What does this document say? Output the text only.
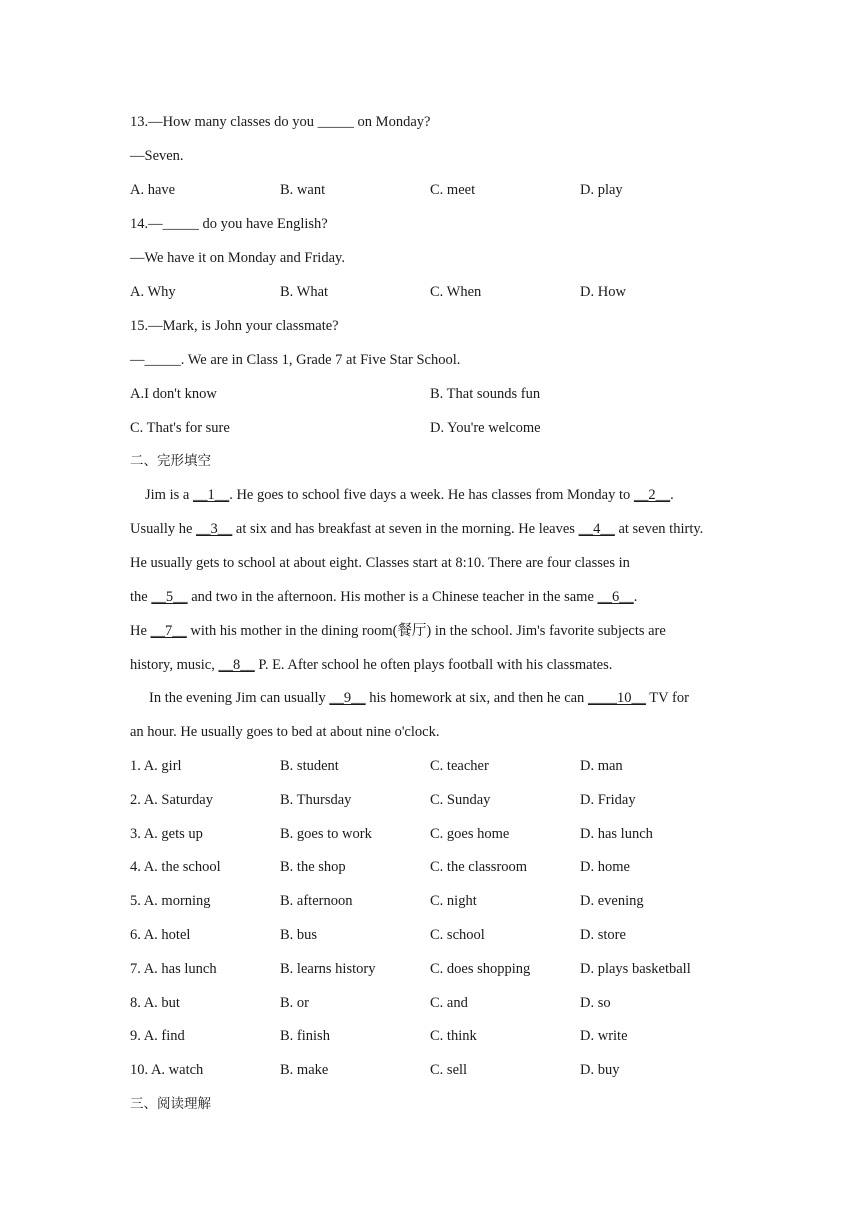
13.—How many classes do you _____ on Monday?
—Seven.
A. have	B. want	C. meet	D. play
14.—_____ do you have English?
—We have it on Monday and Friday.
A. Why	B. What	C. When	D. How
15.—Mark, is John your classmate?
—_____. We are in Class 1, Grade 7 at Five Star School.
A.I don't know	B. That sounds fun
C. That's for sure	D. You're welcome
二、完形填空
Jim is a __1__. He goes to school five days a week. He has classes from Monday to __2__.
Usually he __3__ at six and has breakfast at seven in the morning. He leaves __4__ at seven thirty.
He usually gets to school at about eight. Classes start at 8:10. There are four classes in
the __5__ and two in the afternoon. His mother is a Chinese teacher in the same __6__.
He __7__ with his mother in the dining room(餐厅) in the school. Jim's favorite subjects are
history, music, __8__ P. E. After school he often plays football with his classmates.
In the evening Jim can usually __9__ his homework at six, and then he can ____10__ TV for
an hour. He usually goes to bed at about nine o'clock.
1. A. girl	B. student	C. teacher	D. man
2. A. Saturday	B. Thursday	C. Sunday	D. Friday
3. A. gets up	B. goes to work	C. goes home	D. has lunch
4. A. the school	B. the shop	C. the classroom	D. home
5. A. morning	B. afternoon	C. night	D. evening
6. A. hotel	B. bus	C. school	D. store
7. A. has lunch	B. learns history	C. does shopping	D. plays basketball
8. A. but	B. or	C. and	D. so
9. A. find	B. finish	C. think	D. write
10. A. watch	B. make	C. sell	D. buy
三、阅读理解
